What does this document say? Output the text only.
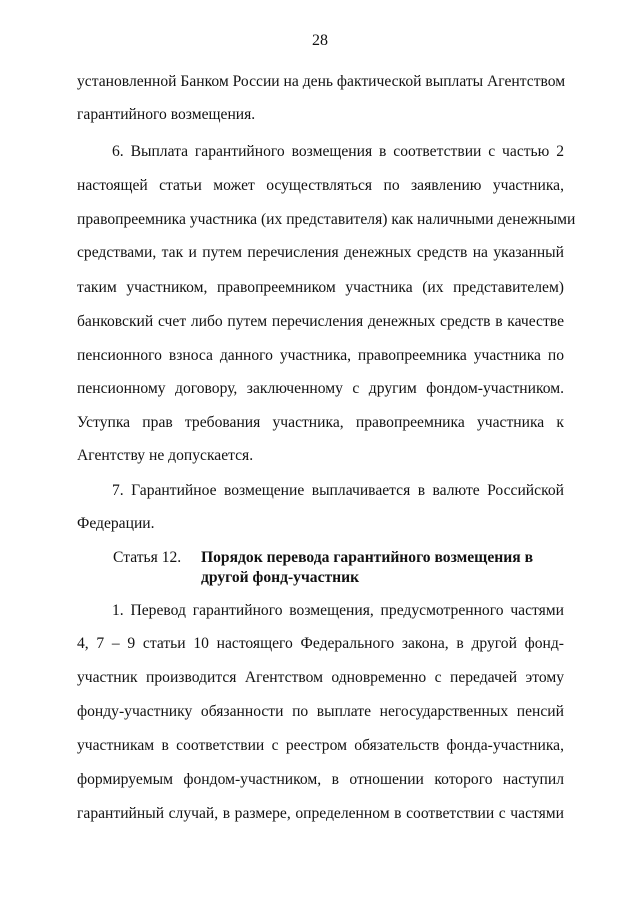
28
установленной Банком России на день фактической выплаты Агентством
гарантийного возмещения.
6. Выплата гарантийного возмещения в соответствии с частью 2
настоящей статьи может осуществляться по заявлению участника,
правопреемника участника (их представителя) как наличными денежными
средствами, так и путем перечисления денежных средств на указанный
таким участником, правопреемником участника (их представителем)
банковский счет либо путем перечисления денежных средств в качестве
пенсионного взноса данного участника, правопреемника участника по
пенсионному договору, заключенному с другим фондом-участником.
Уступка прав требования участника, правопреемника участника к
Агентству не допускается.
7. Гарантийное возмещение выплачивается в валюте Российской
Федерации.
Статья 12. Порядок перевода гарантийного возмещения в
другой фонд-участник
1. Перевод гарантийного возмещения, предусмотренного частями
4, 7 – 9 статьи 10 настоящего Федерального закона, в другой фонд-
участник производится Агентством одновременно с передачей этому
фонду-участнику обязанности по выплате негосударственных пенсий
участникам в соответствии с реестром обязательств фонда-участника,
формируемым фондом-участником, в отношении которого наступил
гарантийный случай, в размере, определенном в соответствии с частями
